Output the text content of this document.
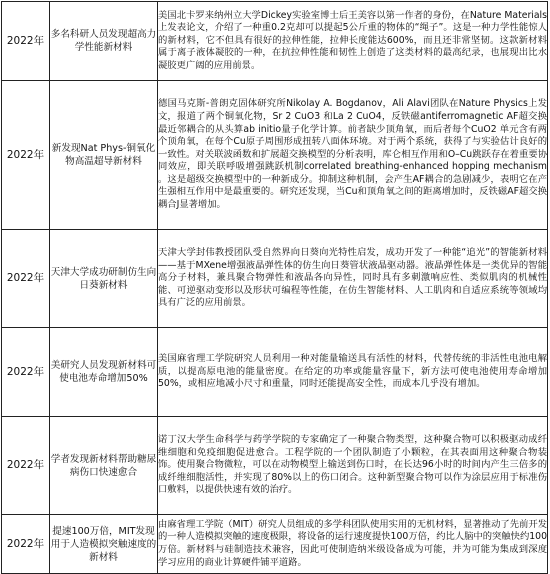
2022年	多名科研人员发现超高力学性能新材料	美国北卡罗来纳州立大学Dickey实验室博士后王美容以第一作者的身份，在Nature Materials 上发表论文，介绍了一种重0.2克却可以提起5公斤重的物体的“绳子”。这是一种力学性能惊人的新材料，它不但具有很好的拉伸性能，拉伸长度能达600%，而且还非常坚韧。这款新材料属于离子液体凝胶的一种，在抗拉伸性能和韧性上创造了这类材料的最高纪录，也展现出比水凝胶更广阔的应用前景。
2022年	新发现Nat Phys-铜氧化物高温超导新材料	德国马克斯-普朗克固体研究所Nikolay A. Bogdanov，Ali Alavi团队在Nature Physics上发文，报道了两个铜氧化物，Sr 2 CuO3 和La 2 CuO4，反铁磁antiferromagnetic AF超交换最近邻耦合的从头算ab initio量子化学计算。前者缺少顶角氧，而后者每个CuO2 单元含有两个顶角氧，在每个Cu原子周围形成扭转八面体环境。对于两个系统，获得了与实验估计良好的一致性。对关联波函数和扩展超交换模型的分析表明，库仑相互作用和O–Cu跳跃存在着重要协同效应，即关联呼吸增强跳跃机制correlated breathing-enhanced hopping mechanism 。这是超级交换模型中的一种新成分。抑制这种机制，会产生AF耦合的急剧减少，表明它在产生强相互作用中是最重要的。研究还发现，当Cu和顶角氧之间的距离增加时，反铁磁AF超交换耦合J显著增加。
2022年	天津大学成功研制仿生向日葵新材料	天津大学封伟教授团队受自然界向日葵向光特性启发，成功开发了一种能“追光”的智能新材料——基于MXene增强液晶弹性体的仿生向日葵管状液晶驱动器。液晶弹性体是一类优异的智能高分子材料，兼具聚合物弹性和液晶各向异性，同时具有多刺激响应性、类似肌肉的机械性能、可逆驱动变形以及形状可编程等性能，在仿生智能材料、人工肌肉和自适应系统等领域均具有广泛的应用前景。
2022年	美研究人员发现新材料可使电池寿命增加50%	美国麻省理工学院研究人员利用一种对能量输送具有活性的材料，代替传统的非活性电池电解质，以提高原电池的能量密度。在给定的功率或能量容量下，新方法可使电池使用寿命增加50%，或相应地减小尺寸和重量，同时还能提高安全性，而成本几乎没有增加。
2022年	学者发现新材料帮助糖尿病伤口快速愈合	诺丁汉大学生命科学与药学学院的专家确定了一种聚合物类型，这种聚合物可以积极驱动成纤维细胞和免疫细胞促进愈合。工程学院的一个团队制造了小颗粒，在其表面用这种聚合物装饰。使用聚合物微粒，可以在动物模型上输送到伤口时，在长达96小时的时间内产生三倍多的成纤维细胞活性，并实现了80%以上的伤口闭合。这种新型聚合物可以作为涂层应用于标准伤口敷料，以提供快速有效的治疗。
2022年	提速100万倍，MIT发现用于人造模拟突触速度的新材料	由麻省理工学院（MIT）研究人员组成的多学科团队使用实用的无机材料，显著推动了先前开发的一种人造模拟突触的速度极限，将设备的运行速度提快100万倍，约比人脑中的突触快约100万倍。新材料与硅制造技术兼容，因此可使制造纳米级设备成为可能，并为可能为集成到深度学习应用的商业计算硬件铺平道路。
